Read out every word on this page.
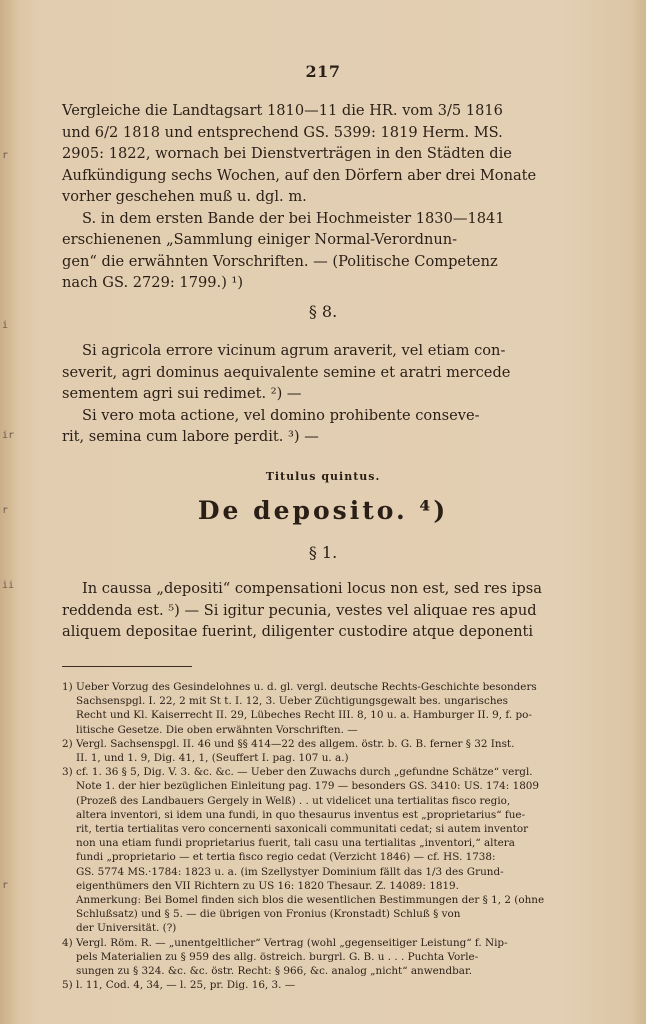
r
i
ir
r
ii
r
217

Vergleiche die Landtagsart 1810—11 die HR. vom 3/5 1816

und 6/2 1818 und entsprechend GS. 5399: 1819 Herm. MS.

2905: 1822, wornach bei Dienstverträgen in den Städten die

Aufkündigung sechs Wochen, auf den Dörfern aber drei Monate

vorher geschehen muß u. dgl. m.

S. in dem ersten Bande der bei Hochmeister 1830—1841

erschienenen „Sammlung einiger Normal-Verordnun-

gen“ die erwähnten Vorschriften. — (Politische Competenz

nach GS. 2729: 1799.) ¹)

§ 8.

Si agricola errore vicinum agrum araverit, vel etiam con-

severit, agri dominus aequivalente semine et aratri mercede

sementem agri sui redimet. ²) —

Si vero mota actione, vel domino prohibente conseve-

rit, semina cum labore perdit. ³) —

Titulus quintus.
De deposito. ⁴)
§ 1.

In caussa „depositi“ compensationi locus non est, sed res ipsa

reddenda est. ⁵) — Si igitur pecunia, vestes vel aliquae res apud

aliquem depositae fuerint, diligenter custodire atque deponenti

1) Ueber Vorzug des Gesindelohnes u. d. gl. vergl. deutsche Rechts-Geschichte besonders
Sachsenspgl. I. 22, 2 mit St t. I. 12, 3. Ueber Züchtigungsgewalt bes. ungarisches
Recht und Kl. Kaiserrecht II. 29, Lübeches Recht III. 8, 10 u. a. Hamburger II. 9, f. po-
litische Gesetze. Die oben erwähnten Vorschriften. —
2) Vergl. Sachsenspgl. II. 46 und §§ 414—22 des allgem. östr. b. G. B. ferner § 32 Inst.
II. 1, und 1. 9, Dig. 41, 1, (Seuffert I. pag. 107 u. a.)
3) cf. 1. 36 § 5, Dig. V. 3. &c. &c. — Ueber den Zuwachs durch „gefundne Schätze“ vergl.
Note 1. der hier bezüglichen Einleitung pag. 179 — besonders GS. 3410: US. 174: 1809
(Prozeß des Landbauers Gergely in Welß) . . ut videlicet una tertialitas fisco regio,
altera inventori, si idem una fundi, in quo thesaurus inventus est „proprietarius“ fue-
rit, tertia tertialitas vero concernenti saxonicali communitati cedat; si autem inventor
non una etiam fundi proprietarius fuerit, tali casu una tertialitas „inventori,“ altera
fundi „proprietario — et tertia fisco regio cedat (Verzicht 1846) — cf. HS. 1738:
GS. 5774 MS.·1784: 1823 u. a. (im Szellystyer Dominium fällt das 1/3 des Grund-
eigenthümers den VII Richtern zu US 16: 1820 Thesaur. Z. 14089: 1819.
Anmerkung: Bei Bomel finden sich blos die wesentlichen Bestimmungen der § 1, 2 (ohne
Schlußsatz) und § 5. — die übrigen von Fronius (Kronstadt) Schluß § von
der Universität. (?)
4) Vergl. Röm. R. — „unentgeltlicher“ Vertrag (wohl „gegenseitiger Leistung“ f. Nip-
pels Materialien zu § 959 des allg. östreich. burgrl. G. B. u . . . Puchta Vorle-
sungen zu § 324. &c. &c. östr. Recht: § 966, &c. analog „nicht“ anwendbar.
5) l. 11, Cod. 4, 34, — l. 25, pr. Dig. 16, 3. —
